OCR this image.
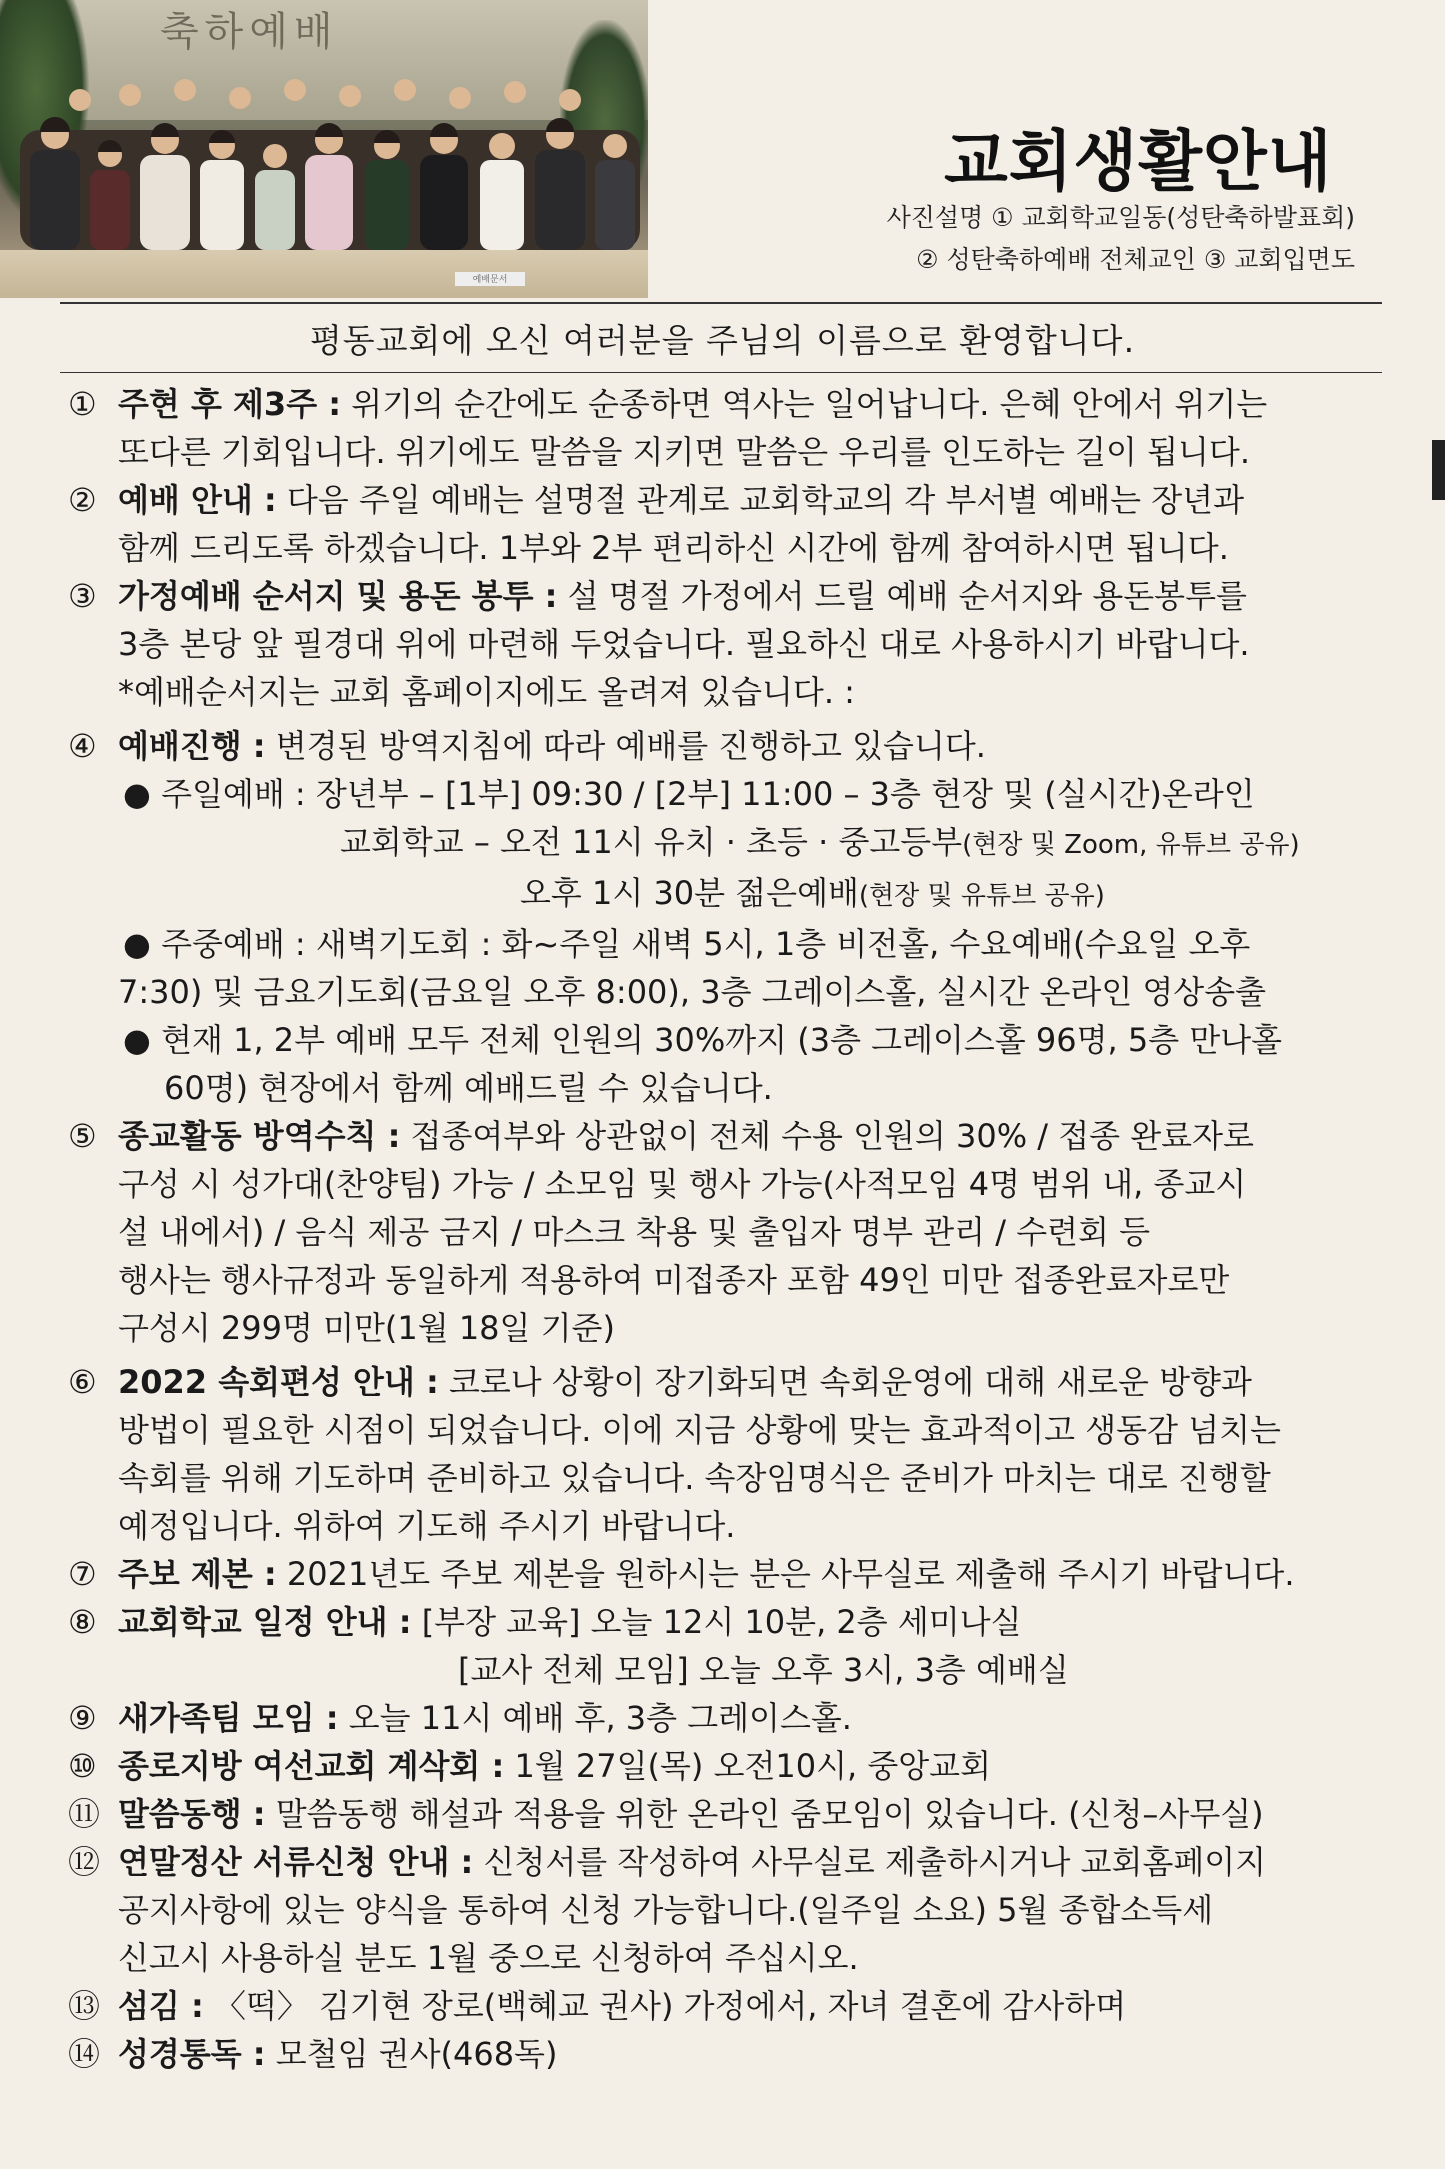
축하예배
예배문서
교회생활안내
사진설명 ① 교회학교일동(성탄축하발표회)
② 성탄축하예배 전체교인 ③ 교회입면도
평동교회에 오신 여러분을 주님의 이름으로 환영합니다.
① 주현 후 제3주 : 위기의 순간에도 순종하면 역사는 일어납니다. 은혜 안에서 위기는
또다른 기회입니다. 위기에도 말씀을 지키면 말씀은 우리를 인도하는 길이 됩니다.
② 예배 안내 : 다음 주일 예배는 설명절 관계로 교회학교의 각 부서별 예배는 장년과
함께 드리도록 하겠습니다. 1부와 2부 편리하신 시간에 함께 참여하시면 됩니다.
③ 가정예배 순서지 및 용돈 봉투 : 설 명절 가정에서 드릴 예배 순서지와 용돈봉투를
3층 본당 앞 필경대 위에 마련해 두었습니다. 필요하신 대로 사용하시기 바랍니다.
*예배순서지는 교회 홈페이지에도 올려져 있습니다. :
④ 예배진행 : 변경된 방역지침에 따라 예배를 진행하고 있습니다.
● 주일예배 : 장년부 – [1부] 09:30 / [2부] 11:00 – 3층 현장 및 (실시간)온라인
교회학교 – 오전 11시 유치 · 초등 · 중고등부(현장 및 Zoom, 유튜브 공유)
오후 1시 30분 젊은예배(현장 및 유튜브 공유)
● 주중예배 : 새벽기도회 : 화~주일 새벽 5시, 1층 비전홀, 수요예배(수요일 오후
7:30) 및 금요기도회(금요일 오후 8:00), 3층 그레이스홀, 실시간 온라인 영상송출
● 현재 1, 2부 예배 모두 전체 인원의 30%까지 (3층 그레이스홀 96명, 5층 만나홀
60명) 현장에서 함께 예배드릴 수 있습니다.
⑤ 종교활동 방역수칙 : 접종여부와 상관없이 전체 수용 인원의 30% / 접종 완료자로
구성 시 성가대(찬양팀) 가능 / 소모임 및 행사 가능(사적모임 4명 범위 내, 종교시
설 내에서) / 음식 제공 금지 / 마스크 착용 및 출입자 명부 관리 / 수련회 등
행사는 행사규정과 동일하게 적용하여 미접종자 포함 49인 미만 접종완료자로만
구성시 299명 미만(1월 18일 기준)
⑥ 2022 속회편성 안내 : 코로나 상황이 장기화되면 속회운영에 대해 새로운 방향과
방법이 필요한 시점이 되었습니다. 이에 지금 상황에 맞는 효과적이고 생동감 넘치는
속회를 위해 기도하며 준비하고 있습니다. 속장임명식은 준비가 마치는 대로 진행할
예정입니다. 위하여 기도해 주시기 바랍니다.
⑦ 주보 제본 : 2021년도 주보 제본을 원하시는 분은 사무실로 제출해 주시기 바랍니다.
⑧ 교회학교 일정 안내 : [부장 교육] 오늘 12시 10분, 2층 세미나실
[교사 전체 모임] 오늘 오후 3시, 3층 예배실
⑨ 새가족팀 모임 : 오늘 11시 예배 후, 3층 그레이스홀.
⑩ 종로지방 여선교회 계삭회 : 1월 27일(목) 오전10시, 중앙교회
⑪ 말씀동행 : 말씀동행 해설과 적용을 위한 온라인 줌모임이 있습니다. (신청–사무실)
⑫ 연말정산 서류신청 안내 : 신청서를 작성하여 사무실로 제출하시거나 교회홈페이지
공지사항에 있는 양식을 통하여 신청 가능합니다.(일주일 소요) 5월 종합소득세
신고시 사용하실 분도 1월 중으로 신청하여 주십시오.
⑬ 섬김 : 〈떡〉 김기현 장로(백혜교 권사) 가정에서, 자녀 결혼에 감사하며
⑭ 성경통독 : 모철임 권사(468독)
